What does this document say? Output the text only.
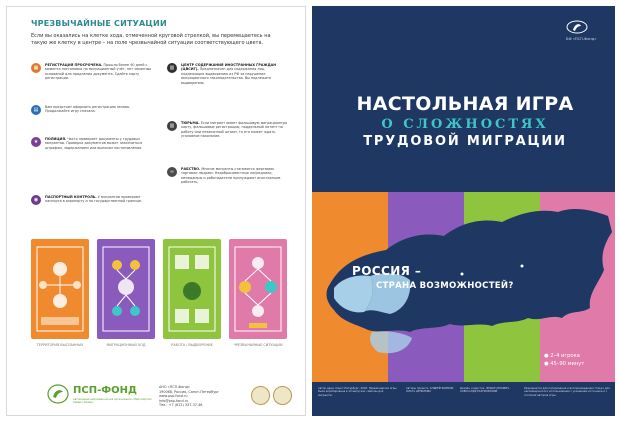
ЧРЕЗВЫЧАЙНЫЕ СИТУАЦИИ
Если вы оказались на клетке хода, отмеченной круговой стрелкой, вы перемещаетесь на такую же клетку в центре – на поле чрезвычайной ситуации соответствующего цвета.
▦	РЕГИСТРАЦИЯ ПРОСРОЧЕНА. Прошло более 90 дней с момента постановки на миграционный учёт, нет законных оснований для продления документа. Сдайте карту регистрации.
▥	ЦЕНТР СОДЕРЖАНИЯ ИНОСТРАННЫХ ГРАЖДАН (ЦВСИГ). Предназначен для содержания лиц, подлежащих выдворению из РФ за нарушение миграционного законодательства. Вы подлежите выдворению.
▤	Вам предстоит оформить регистрацию заново. Продолжайте игру сначала.
★	ПОЛИЦИЯ. Часто проверяет документы у трудовых мигрантов. Проверка документов может закончиться штрафом, задержанием или выносом постановления.
▥	ТЮРЬМА. Если мигрант имеет фальшивую миграционную карту, фальшивые регистрацию, поддельный патент на работу или незаконный штамп, то его может ждать уголовное наказание.
◉	ПАСПОРТНЫЙ КОНТРОЛЬ. У мигрантов проверяют паспорта в аэропорту и на государственной границе.
∞	РАБСТВО. Многие мигранты становятся жертвами торговли людьми. Недобросовестные посредники, менеджеры и работодатели принуждают иностранцев работать.
ТЕРРИТОРИЯ ВЫСЛАННЫХ	МИГРАЦИОННЫЙ ХОД	РАБОТА / ВЫДВОРЕНИЕ	ЧРЕЗВЫЧАЙНЫЕ СИТУАЦИИ
ПСП-ФОНД
Автономная некоммерческая организация «Партнёрство Северо-Запад»
АНО «ПСП-Фонд»
190068, Россия, Санкт-Петербург
www.psp-fond.ru
info@psp-fond.ru
Тел.: +7 (812) 337-37-46
БФ «ПСП-Фонд»
НАСТОЛЬНАЯ ИГРА
О СЛОЖНОСТЯХ
ТРУДОВОЙ МИГРАЦИИ
РОССИЯ –
СТРАНА ВОЗМОЖНОСТЕЙ?
● 2–4 игрока
● 45–90 минут
Автор идеи, Санкт-Петербург, 2018. Первая версия игры была апробирована в 10 выпусках «Школы для мигранта»
Авторы проекта: АНДРЕЙ ЯКИМОВ, ОЛЬГА ЦЕПИЛОВА
Дизайн и верстка: ФЕДОР ЧЕХОВИЧ, АЛЕКСАНДР РАЗУМОВСКИЙ
Разрешается для копирования и воспроизведения только для некоммерческого использования с указанием источника и с согласия авторов игры.
